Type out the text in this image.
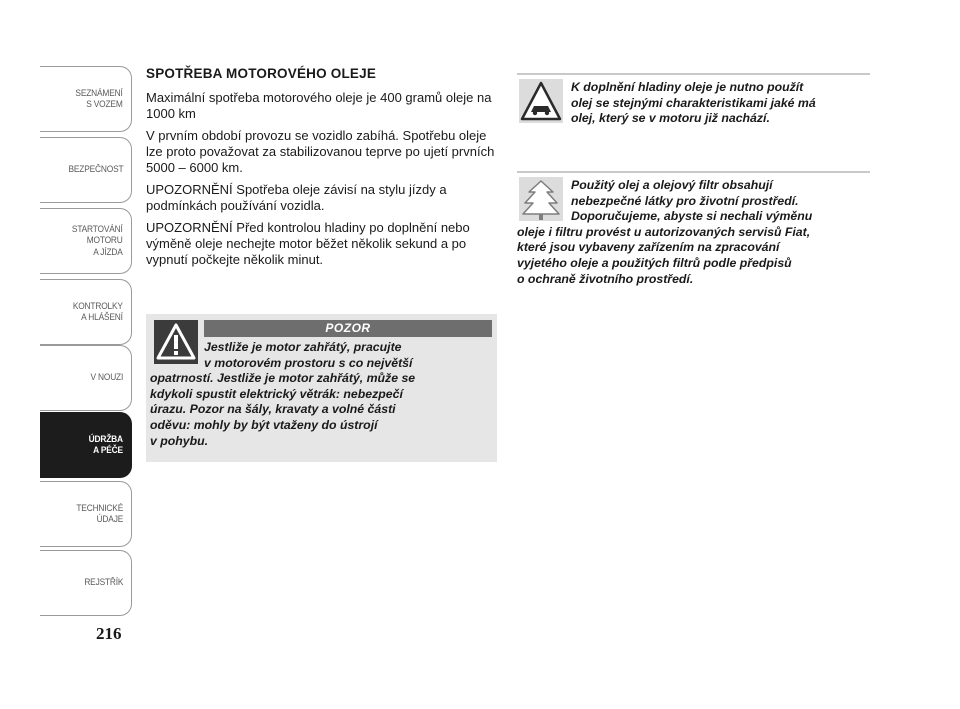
SEZNÁMENÍ
S VOZEM
BEZPEČNOST
STARTOVÁNÍ
MOTORU
A JÍZDA
KONTROLKY
A HLÁŠENÍ
V NOUZI
ÚDRŽBA
A PÉČE
TECHNICKÉ
ÚDAJE
REJSTŘÍK
216
SPOTŘEBA MOTOROVÉHO OLEJE

Maximální spotřeba motorového oleje je 400 gramů oleje na 1000 km

V prvním období provozu se vozidlo zabíhá. Spotřebu oleje lze proto považovat za stabilizovanou teprve po ujetí prvních 5000 – 6000 km.

UPOZORNĚNÍ Spotřeba oleje závisí na stylu jízdy a podmínkách používání vozidla.

UPOZORNĚNÍ Před kontrolou hladiny po doplnění nebo výměně oleje nechejte motor běžet několik sekund a po vypnutí počkejte několik minut.

POZOR
Jestliže je motor zahřátý, pracujte
v motorovém prostoru s co největší
opatrností. Jestliže je motor zahřátý, může se
kdykoli spustit elektrický větrák: nebezpečí
úrazu. Pozor na šály, kravaty a volné části
oděvu: mohly by být vtaženy do ústrojí
v pohybu.
K doplnění hladiny oleje je nutno použít
olej se stejnými charakteristikami jaké má
olej, který se v motoru již nachází.
Použitý olej a olejový filtr obsahují
nebezpečné látky pro životní prostředí.
Doporučujeme, abyste si nechali výměnu
oleje i filtru provést u autorizovaných servisů Fiat,
které jsou vybaveny zařízením na zpracování
vyjetého oleje a použitých filtrů podle předpisů
o ochraně životního prostředí.
